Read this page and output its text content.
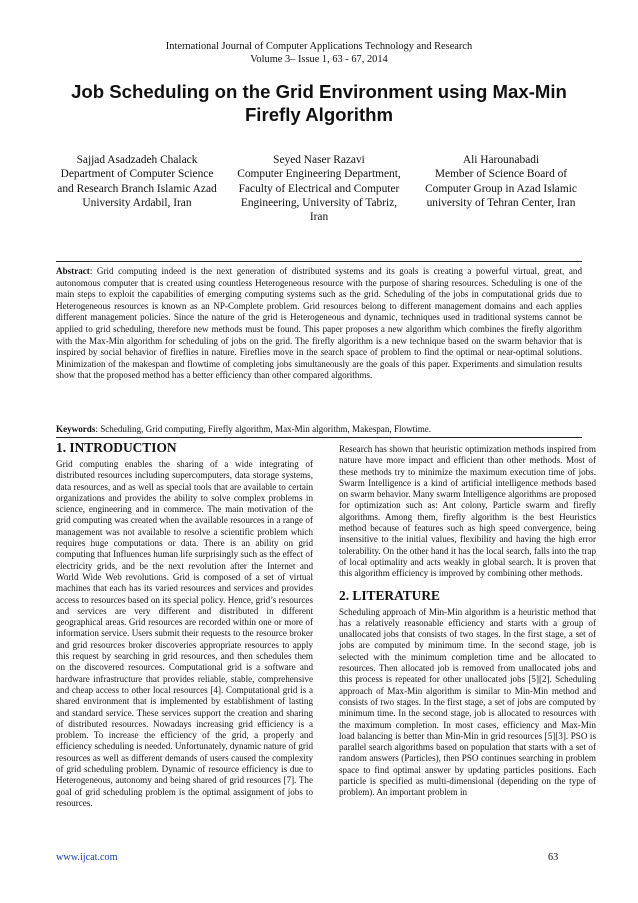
International Journal of Computer Applications Technology and Research
Volume 3– Issue 1, 63 - 67, 2014
Job Scheduling on the Grid Environment using Max-Min Firefly Algorithm
Sajjad Asadzadeh Chalack
Department of Computer Science and Research Branch Islamic Azad University Ardabil, Iran
Seyed Naser Razavi
Computer Engineering Department, Faculty of Electrical and Computer Engineering, University of Tabriz, Iran
Ali Harounabadi
Member of Science Board of Computer Group in Azad Islamic university of Tehran Center, Iran
Abstract: Grid computing indeed is the next generation of distributed systems and its goals is creating a powerful virtual, great, and autonomous computer that is created using countless Heterogeneous resource with the purpose of sharing resources. Scheduling is one of the main steps to exploit the capabilities of emerging computing systems such as the grid. Scheduling of the jobs in computational grids due to Heterogeneous resources is known as an NP-Complete problem. Grid resources belong to different management domains and each applies different management policies. Since the nature of the grid is Heterogeneous and dynamic, techniques used in traditional systems cannot be applied to grid scheduling, therefore new methods must be found. This paper proposes a new algorithm which combines the firefly algorithm with the Max-Min algorithm for scheduling of jobs on the grid. The firefly algorithm is a new technique based on the swarm behavior that is inspired by social behavior of fireflies in nature. Fireflies move in the search space of problem to find the optimal or near-optimal solutions. Minimization of the makespan and flowtime of completing jobs simultaneously are the goals of this paper. Experiments and simulation results show that the proposed method has a better efficiency than other compared algorithms.
Keywords: Scheduling, Grid computing, Firefly algorithm, Max-Min algorithm, Makespan, Flowtime.
1. INTRODUCTION

Grid computing enables the sharing of a wide integrating of distributed resources including supercomputers, data storage systems, data resources, and as well as special tools that are available to certain organizations and provides the ability to solve complex problems in science, engineering and in commerce. The main motivation of the grid computing was created when the available resources in a range of management was not available to resolve a scientific problem which requires huge computations or data. There is an ability on grid computing that Influences human life surprisingly such as the effect of electricity grids, and be the next revolution after the Internet and World Wide Web revolutions. Grid is composed of a set of virtual machines that each has its varied resources and services and provides access to resources based on its special policy. Hence, grid’s resources and services are very different and distributed in different geographical areas. Grid resources are recorded within one or more of information service. Users submit their requests to the resource broker and grid resources broker discoveries appropriate resources to apply this request by searching in grid resources, and then schedules them on the discovered resources. Computational grid is a software and hardware infrastructure that provides reliable, stable, comprehensive and cheap access to other local resources [4]. Computational grid is a shared environment that is implemented by establishment of lasting and standard service. These services support the creation and sharing of distributed resources. Nowadays increasing grid efficiency is a problem. To increase the efficiency of the grid, a properly and efficiency scheduling is needed. Unfortunately, dynamic nature of grid resources as well as different demands of users caused the complexity of grid scheduling problem. Dynamic of resource efficiency is due to Heterogeneous, autonomy and being shared of grid resources [7]. The goal of grid scheduling problem is the optimal assignment of jobs to resources.

Research has shown that heuristic optimization methods inspired from nature have more impact and efficient than other methods. Most of these methods try to minimize the maximum execution time of jobs. Swarm Intelligence is a kind of artificial intelligence methods based on swarm behavior. Many swarm Intelligence algorithms are proposed for optimization such as: Ant colony, Particle swarm and firefly algorithms. Among them, firefly algorithm is the best Heuristics method because of features such as high speed convergence, being insensitive to the initial values, flexibility and having the high error tolerability. On the other hand it has the local search, falls into the trap of local optimality and acts weakly in global search. It is proven that this algorithm efficiency is improved by combining other methods.

2. LITERATURE

Scheduling approach of Min-Min algorithm is a heuristic method that has a relatively reasonable efficiency and starts with a group of unallocated jobs that consists of two stages. In the first stage, a set of jobs are computed by minimum time. In the second stage, job is selected with the minimum completion time and be allocated to resources. Then allocated job is removed from unallocated jobs and this process is repeated for other unallocated jobs [5][2]. Scheduling approach of Max-Min algorithm is similar to Min-Min method and consists of two stages. In the first stage, a set of jobs are computed by minimum time. In the second stage, job is allocated to resources with the maximum completion. In most cases, efficiency and Max-Min load balancing is better than Min-Min in grid resources [5][3]. PSO is parallel search algorithms based on population that starts with a set of random answers (Particles), then PSO continues searching in problem space to find optimal answer by updating particles positions. Each particle is specified as multi-dimensional (depending on the type of problem). An important problem in

www.ijcat.com	63
